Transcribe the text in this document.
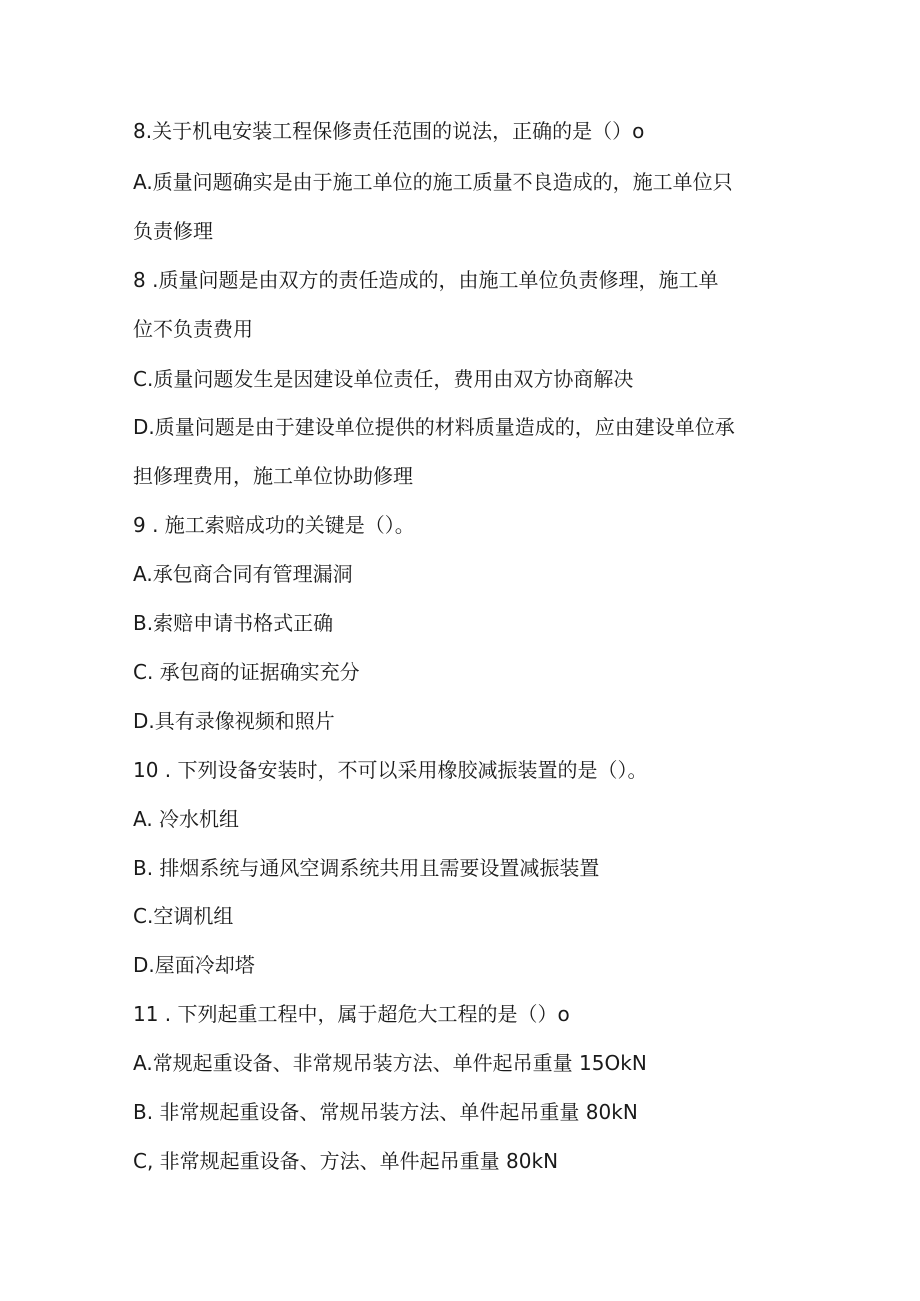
8.关于机电安装工程保修责任范围的说法，正确的是（）o
A.质量问题确实是由于施工单位的施工质量不良造成的，施工单位只
负责修理
8 .质量问题是由双方的责任造成的，由施工单位负责修理，施工单
位不负责费用
C.质量问题发生是因建设单位责任，费用由双方协商解决
D.质量问题是由于建设单位提供的材料质量造成的，应由建设单位承
担修理费用，施工单位协助修理
9 . 施工索赔成功的关键是（）。
A.承包商合同有管理漏洞
B.索赔申请书格式正确
C. 承包商的证据确实充分
D.具有录像视频和照片
10 . 下列设备安装时，不可以采用橡胶减振装置的是（）。
A. 冷水机组
B. 排烟系统与通风空调系统共用且需要设置减振装置
C.空调机组
D.屋面冷却塔
11 . 下列起重工程中，属于超危大工程的是（）o
A.常规起重设备、非常规吊装方法、单件起吊重量 15OkN
B. 非常规起重设备、常规吊装方法、单件起吊重量 80kN
C, 非常规起重设备、方法、单件起吊重量 80kN
